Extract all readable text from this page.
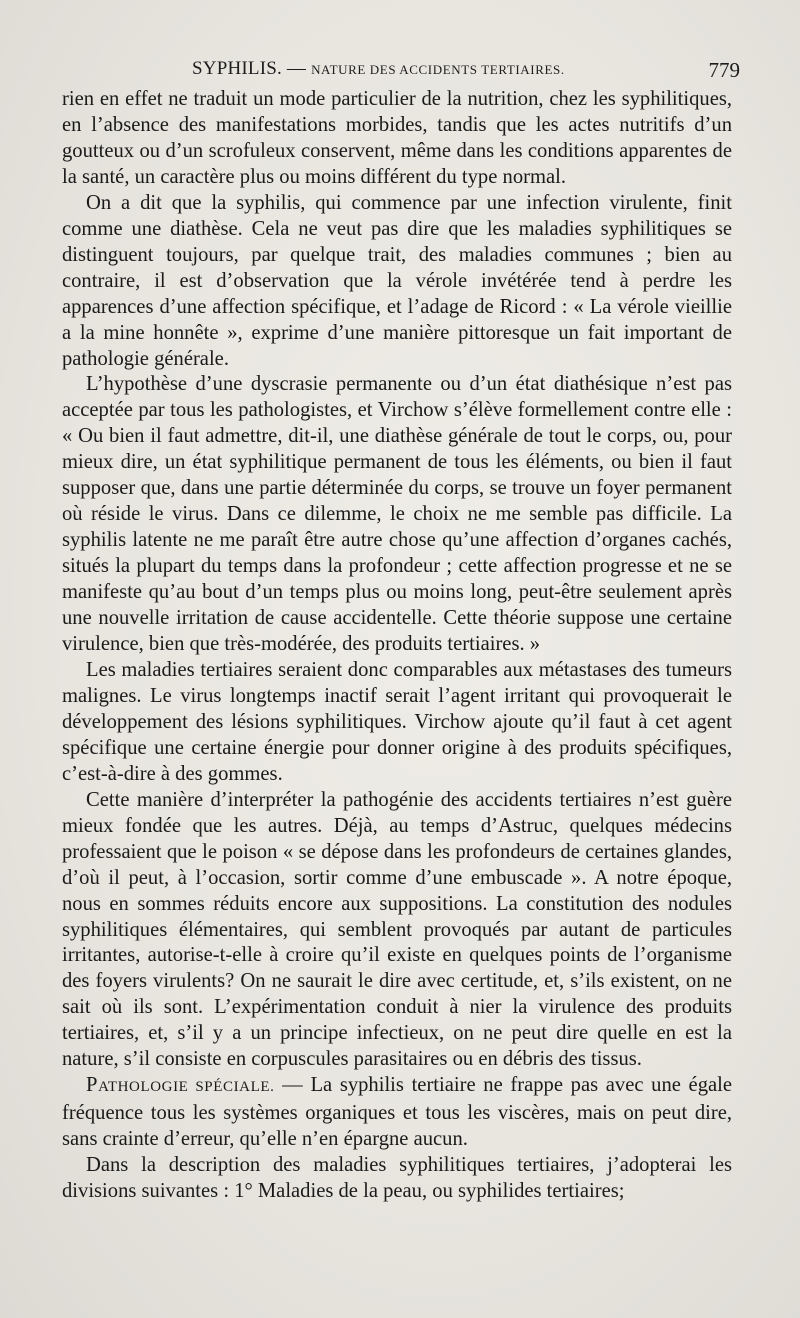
SYPHILIS. — NATURE DES ACCIDENTS TERTIAIRES.	779

rien en effet ne traduit un mode particulier de la nutrition, chez les syphilitiques, en l’absence des manifestations morbides, tandis que les actes nutritifs d’un goutteux ou d’un scrofuleux conservent, même dans les conditions apparentes de la santé, un caractère plus ou moins différent du type normal.

On a dit que la syphilis, qui commence par une infection virulente, finit comme une diathèse. Cela ne veut pas dire que les maladies syphilitiques se distinguent toujours, par quelque trait, des maladies communes ; bien au contraire, il est d’observation que la vérole invétérée tend à perdre les apparences d’une affection spécifique, et l’adage de Ricord : « La vérole vieillie a la mine honnête », exprime d’une manière pittoresque un fait important de pathologie générale.

L’hypothèse d’une dyscrasie permanente ou d’un état diathésique n’est pas acceptée par tous les pathologistes, et Virchow s’élève formellement contre elle : « Ou bien il faut admettre, dit-il, une diathèse générale de tout le corps, ou, pour mieux dire, un état syphilitique permanent de tous les éléments, ou bien il faut supposer que, dans une partie déterminée du corps, se trouve un foyer permanent où réside le virus. Dans ce dilemme, le choix ne me semble pas difficile. La syphilis latente ne me paraît être autre chose qu’une affection d’organes cachés, situés la plupart du temps dans la profondeur ; cette affection progresse et ne se manifeste qu’au bout d’un temps plus ou moins long, peut-être seulement après une nouvelle irritation de cause accidentelle. Cette théorie suppose une certaine virulence, bien que très-modérée, des produits tertiaires. »

Les maladies tertiaires seraient donc comparables aux métastases des tumeurs malignes. Le virus longtemps inactif serait l’agent irritant qui provoquerait le développement des lésions syphilitiques. Virchow ajoute qu’il faut à cet agent spécifique une certaine énergie pour donner origine à des produits spécifiques, c’est-à-dire à des gommes.

Cette manière d’interpréter la pathogénie des accidents tertiaires n’est guère mieux fondée que les autres. Déjà, au temps d’Astruc, quelques médecins professaient que le poison « se dépose dans les profondeurs de certaines glandes, d’où il peut, à l’occasion, sortir comme d’une embuscade ». A notre époque, nous en sommes réduits encore aux suppositions. La constitution des nodules syphilitiques élémentaires, qui semblent provoqués par autant de particules irritantes, autorise-t-elle à croire qu’il existe en quelques points de l’organisme des foyers virulents? On ne saurait le dire avec certitude, et, s’ils existent, on ne sait où ils sont. L’expérimentation conduit à nier la virulence des produits tertiaires, et, s’il y a un principe infectieux, on ne peut dire quelle en est la nature, s’il consiste en corpuscules parasitaires ou en débris des tissus.

PATHOLOGIE SPÉCIALE. — La syphilis tertiaire ne frappe pas avec une égale fréquence tous les systèmes organiques et tous les viscères, mais on peut dire, sans crainte d’erreur, qu’elle n’en épargne aucun.

Dans la description des maladies syphilitiques tertiaires, j’adopterai les divisions suivantes : 1° Maladies de la peau, ou syphilides tertiaires;
